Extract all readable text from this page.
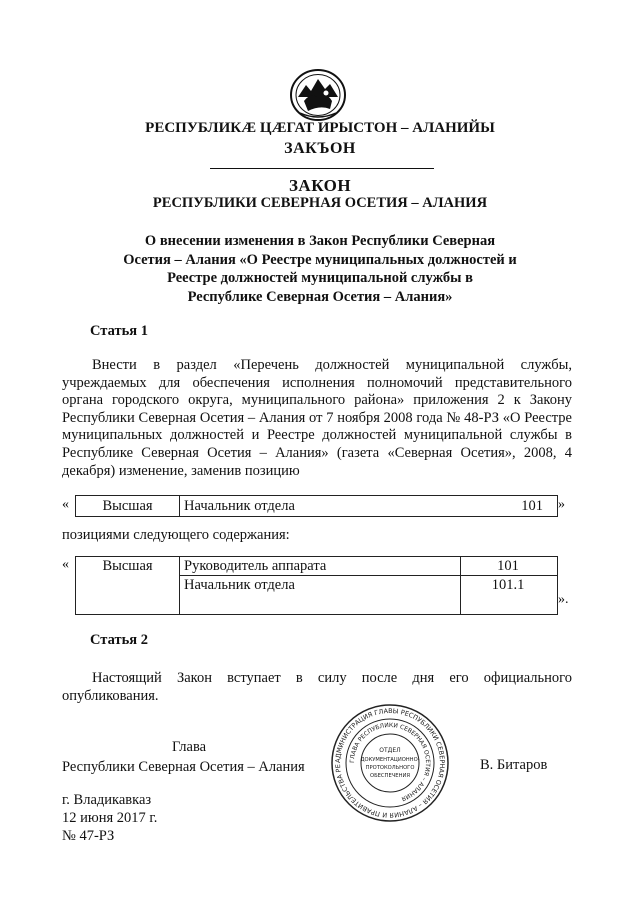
РЕСПУБЛИКӔ ЦӔГАТ ИРЫСТОН – АЛАНИЙЫ
ЗАКЪОН
ЗАКОН
РЕСПУБЛИКИ СЕВЕРНАЯ ОСЕТИЯ – АЛАНИЯ
О внесении изменения в Закон Республики Северная
Осетия – Алания «О Реестре муниципальных должностей и
Реестре должностей муниципальной службы в
Республике Северная Осетия – Алания»
Статья 1
Внести в раздел «Перечень должностей муниципальной службы, учреждаемых для обеспечения исполнения полномочий представительного органа городского округа, муниципального района» приложения 2 к Закону Республики Северная Осетия – Алания от 7 ноября 2008 года № 48-РЗ «О Реестре муниципальных должностей и Реестре должностей муниципальной службы в Республике Северная Осетия – Алания» (газета «Северная Осетия», 2008, 4 декабря) изменение, заменив позицию
«	Высшая	Начальник отдела	101 »
позициями следующего содержания:
«	Высшая	Руководитель аппарата	101
Начальник отдела	101.1
».
Статья 2
Настоящий Закон вступает в силу после дня его официального опубликования.
Глава
Республики Северная Осетия – Алания	АДМИНИСТРАЦИЯ ГЛАВЫ РЕСПУБЛИКИ СЕВЕРНАЯ ОСЕТИЯ – АЛАНИЯ И ПРАВИТЕЛЬСТВА РЕ
ГЛАВА РЕСПУБЛИКИ СЕВЕРНАЯ ОСЕТИЯ – АЛАНИЯ
ОТДЕЛ
ДОКУМЕНТАЦИОННО-
ПРОТОКОЛЬНОГО
ОБЕСПЕЧЕНИЯ
В. Битаров
г. Владикавказ
12 июня 2017 г.
№ 47-РЗ
